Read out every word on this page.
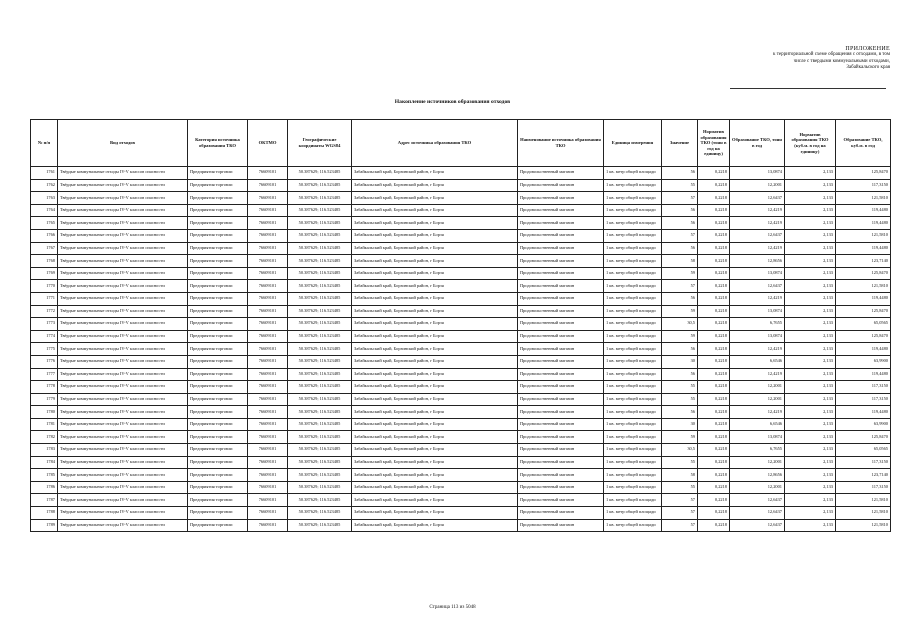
ПРИЛОЖЕНИЕ
к территориальной схеме обращения с отходами, в том
числе с твердыми коммунальными отходами,
Забайкальского края
Накопление источников образования отходов
№ п/п	Вид отходов	Категория источника образования ТКО	ОКТМО	Географические координаты WGS84	Адрес источника образования ТКО	Наименование источника образования ТКО	Единица измерения	Значение	Норматив образования ТКО (тонн в год на единицу)	Образование ТКО, тонн в год	Норматив образования ТКО (куб.м. в год на единицу)	Образование ТКО, куб.м. в год
1761	Твёрдые коммунальные отходы IV-V классов опасности	Предприятия торговли	76609101	50.387629; 116.523485	Забайкальский край, Борзинский район, г Борзя	Продовольственный магазин	1 кв. метр общей площади	56	0,2218	13,0874	2,133	125,8470
1762	Твёрдые коммунальные отходы IV-V классов опасности	Предприятия торговли	76609101	50.387629; 116.523485	Забайкальский край, Борзинский район, г Борзя	Продовольственный магазин	1 кв. метр общей площади	55	0,2218	12,2001	2,133	117,3150
1763	Твёрдые коммунальные отходы IV-V классов опасности	Предприятия торговли	76609101	50.387629; 116.523485	Забайкальский край, Борзинский район, г Борзя	Продовольственный магазин	1 кв. метр общей площади	57	0,2218	12,6437	2,133	121,5810
1764	Твёрдые коммунальные отходы IV-V классов опасности	Предприятия торговли	76609101	50.387629; 116.523485	Забайкальский край, Борзинский район, г Борзя	Продовольственный магазин	1 кв. метр общей площади	56	0,2218	12,4219	2,133	119,4480
1765	Твёрдые коммунальные отходы IV-V классов опасности	Предприятия торговли	76609101	50.387629; 116.523485	Забайкальский край, Борзинский район, г Борзя	Продовольственный магазин	1 кв. метр общей площади	56	0,2218	12,4219	2,133	119,4480
1766	Твёрдые коммунальные отходы IV-V классов опасности	Предприятия торговли	76609101	50.387629; 116.523485	Забайкальский край, Борзинский район, г Борзя	Продовольственный магазин	1 кв. метр общей площади	57	0,2218	12,6437	2,133	121,5810
1767	Твёрдые коммунальные отходы IV-V классов опасности	Предприятия торговли	76609101	50.387629; 116.523485	Забайкальский край, Борзинский район, г Борзя	Продовольственный магазин	1 кв. метр общей площади	56	0,2218	12,4219	2,133	119,4480
1768	Твёрдые коммунальные отходы IV-V классов опасности	Предприятия торговли	76609101	50.387629; 116.523485	Забайкальский край, Борзинский район, г Борзя	Продовольственный магазин	1 кв. метр общей площади	58	0,2218	12,8656	2,133	123,7140
1769	Твёрдые коммунальные отходы IV-V классов опасности	Предприятия торговли	76609101	50.387629; 116.523485	Забайкальский край, Борзинский район, г Борзя	Продовольственный магазин	1 кв. метр общей площади	59	0,2218	13,0874	2,133	125,8470
1770	Твёрдые коммунальные отходы IV-V классов опасности	Предприятия торговли	76609101	50.387629; 116.523485	Забайкальский край, Борзинский район, г Борзя	Продовольственный магазин	1 кв. метр общей площади	57	0,2218	12,6437	2,133	121,5810
1771	Твёрдые коммунальные отходы IV-V классов опасности	Предприятия торговли	76609101	50.387629; 116.523485	Забайкальский край, Борзинский район, г Борзя	Продовольственный магазин	1 кв. метр общей площади	56	0,2218	12,4219	2,133	119,4480
1772	Твёрдые коммунальные отходы IV-V классов опасности	Предприятия торговли	76609101	50.387629; 116.523485	Забайкальский край, Борзинский район, г Борзя	Продовольственный магазин	1 кв. метр общей площади	59	0,2218	13,0874	2,133	125,8470
1773	Твёрдые коммунальные отходы IV-V классов опасности	Предприятия торговли	76609101	50.387629; 116.523485	Забайкальский край, Борзинский район, г Борзя	Продовольственный магазин	1 кв. метр общей площади	30,5	0,2218	6,7655	2,133	65,0565
1774	Твёрдые коммунальные отходы IV-V классов опасности	Предприятия торговли	76609101	50.387629; 116.523485	Забайкальский край, Борзинский район, г Борзя	Продовольственный магазин	1 кв. метр общей площади	59	0,2218	13,0874	2,133	125,8470
1775	Твёрдые коммунальные отходы IV-V классов опасности	Предприятия торговли	76609101	50.387629; 116.523485	Забайкальский край, Борзинский район, г Борзя	Продовольственный магазин	1 кв. метр общей площади	56	0,2218	12,4219	2,133	119,4480
1776	Твёрдые коммунальные отходы IV-V классов опасности	Предприятия торговли	76609101	50.387629; 116.523485	Забайкальский край, Борзинский район, г Борзя	Продовольственный магазин	1 кв. метр общей площади	30	0,2218	6,6546	2,133	63,9900
1777	Твёрдые коммунальные отходы IV-V классов опасности	Предприятия торговли	76609101	50.387629; 116.523485	Забайкальский край, Борзинский район, г Борзя	Продовольственный магазин	1 кв. метр общей площади	56	0,2218	12,4219	2,133	119,4480
1778	Твёрдые коммунальные отходы IV-V классов опасности	Предприятия торговли	76609101	50.387629; 116.523485	Забайкальский край, Борзинский район, г Борзя	Продовольственный магазин	1 кв. метр общей площади	55	0,2218	12,2001	2,133	117,3150
1779	Твёрдые коммунальные отходы IV-V классов опасности	Предприятия торговли	76609101	50.387629; 116.523485	Забайкальский край, Борзинский район, г Борзя	Продовольственный магазин	1 кв. метр общей площади	55	0,2218	12,2001	2,133	117,3150
1780	Твёрдые коммунальные отходы IV-V классов опасности	Предприятия торговли	76609101	50.387629; 116.523485	Забайкальский край, Борзинский район, г Борзя	Продовольственный магазин	1 кв. метр общей площади	56	0,2218	12,4219	2,133	119,4480
1781	Твёрдые коммунальные отходы IV-V классов опасности	Предприятия торговли	76609101	50.387629; 116.523485	Забайкальский край, Борзинский район, г Борзя	Продовольственный магазин	1 кв. метр общей площади	30	0,2218	6,6546	2,133	63,9900
1782	Твёрдые коммунальные отходы IV-V классов опасности	Предприятия торговли	76609101	50.387629; 116.523485	Забайкальский край, Борзинский район, г Борзя	Продовольственный магазин	1 кв. метр общей площади	59	0,2218	13,0874	2,133	125,8470
1783	Твёрдые коммунальные отходы IV-V классов опасности	Предприятия торговли	76609101	50.387629; 116.523485	Забайкальский край, Борзинский район, г Борзя	Продовольственный магазин	1 кв. метр общей площади	30,5	0,2218	6,7655	2,133	65,0565
1784	Твёрдые коммунальные отходы IV-V классов опасности	Предприятия торговли	76609101	50.387629; 116.523485	Забайкальский край, Борзинский район, г Борзя	Продовольственный магазин	1 кв. метр общей площади	55	0,2218	12,2001	2,133	117,3150
1785	Твёрдые коммунальные отходы IV-V классов опасности	Предприятия торговли	76609101	50.387629; 116.523485	Забайкальский край, Борзинский район, г Борзя	Продовольственный магазин	1 кв. метр общей площади	58	0,2218	12,8656	2,133	123,7140
1786	Твёрдые коммунальные отходы IV-V классов опасности	Предприятия торговли	76609101	50.387629; 116.523485	Забайкальский край, Борзинский район, г Борзя	Продовольственный магазин	1 кв. метр общей площади	55	0,2218	12,2001	2,133	117,3150
1787	Твёрдые коммунальные отходы IV-V классов опасности	Предприятия торговли	76609101	50.387629; 116.523485	Забайкальский край, Борзинский район, г Борзя	Продовольственный магазин	1 кв. метр общей площади	57	0,2218	12,6437	2,133	121,5810
1788	Твёрдые коммунальные отходы IV-V классов опасности	Предприятия торговли	76609101	50.387629; 116.523485	Забайкальский край, Борзинский район, г Борзя	Продовольственный магазин	1 кв. метр общей площади	57	0,2218	12,6437	2,133	121,5810
1789	Твёрдые коммунальные отходы IV-V классов опасности	Предприятия торговли	76609101	50.387629; 116.523485	Забайкальский край, Борзинский район, г Борзя	Продовольственный магазин	1 кв. метр общей площади	57	0,2218	12,6437	2,133	121,5810
Страница 113 из 5048
